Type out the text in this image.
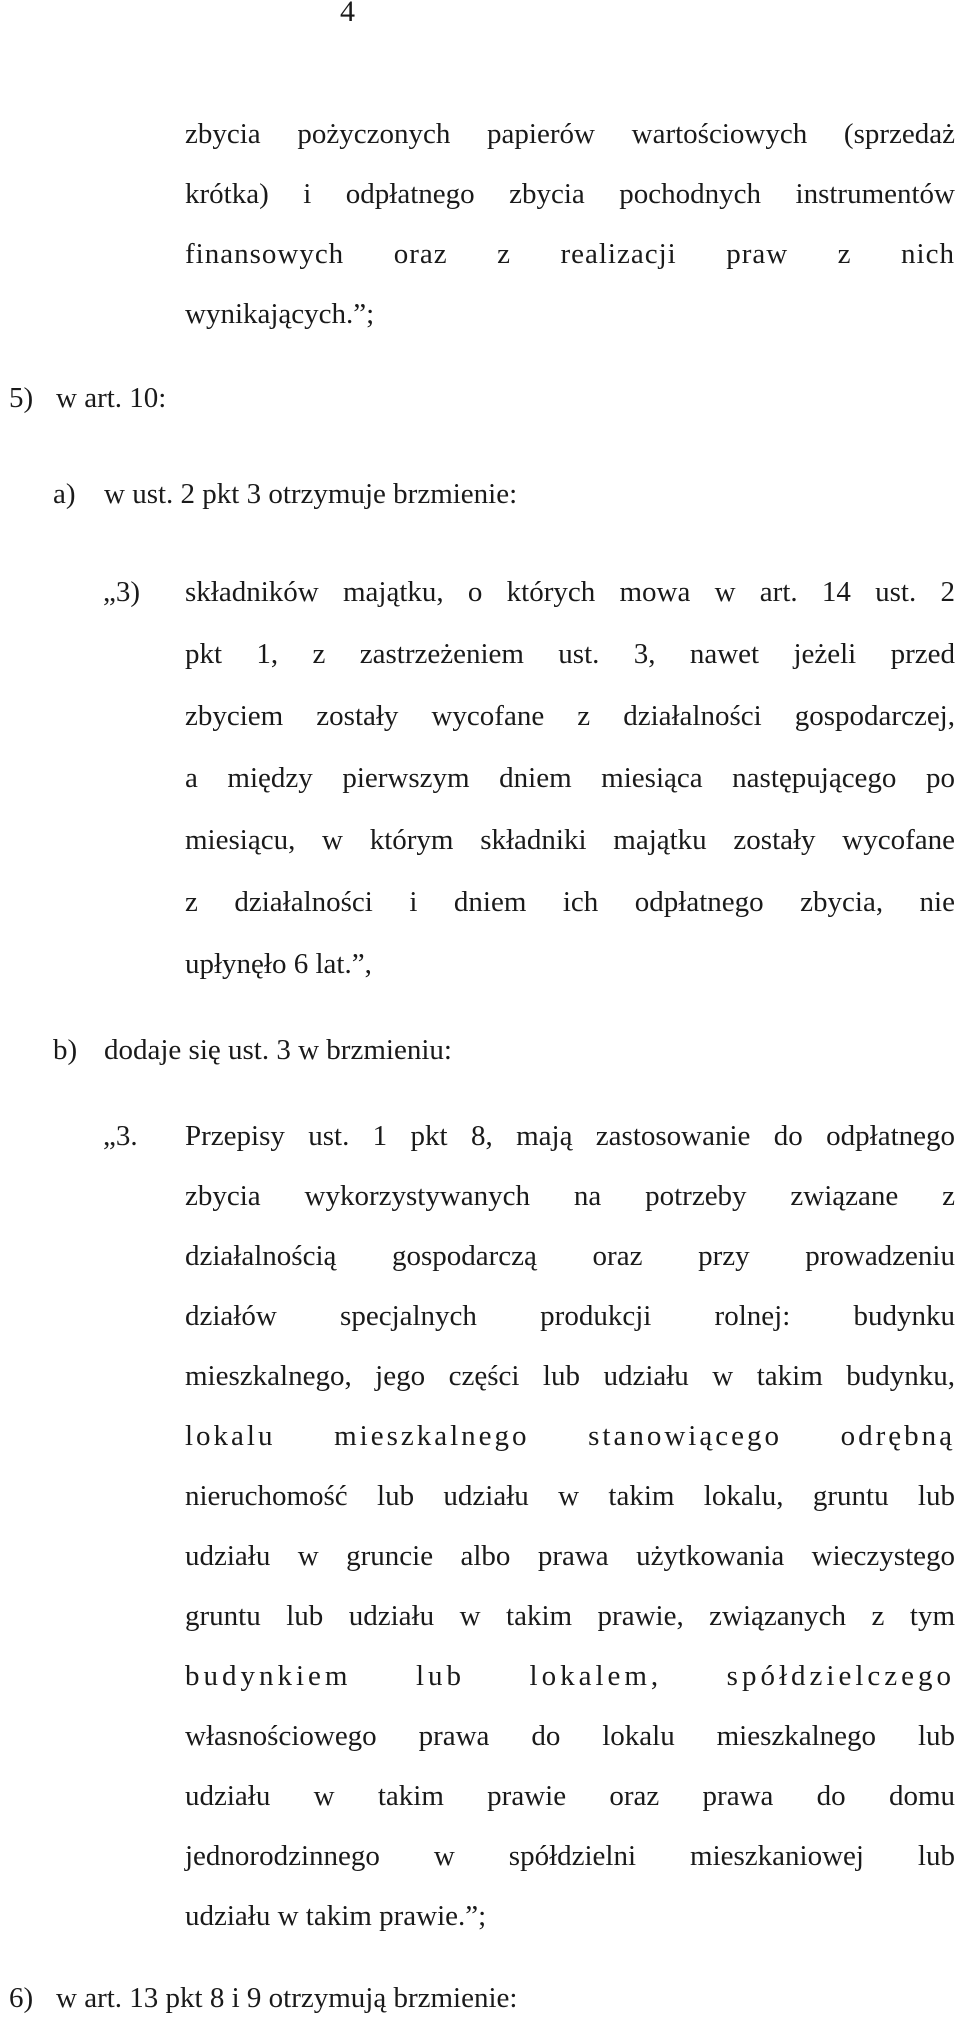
4
zbycia pożyczonych papierów wartościowych (sprzedaż
krótka) i odpłatnego zbycia pochodnych instrumentów
finansowych oraz z realizacji praw z nich
wynikających.”;
5) w art. 10:
a) w ust. 2 pkt 3 otrzymuje brzmienie:
„3) składników majątku, o których mowa w art. 14 ust. 2
pkt 1, z zastrzeżeniem ust. 3, nawet jeżeli przed
zbyciem zostały wycofane z działalności gospodarczej,
a między pierwszym dniem miesiąca następującego po
miesiącu, w którym składniki majątku zostały wycofane
z działalności i dniem ich odpłatnego zbycia, nie
upłynęło 6 lat.”,
b) dodaje się ust. 3 w brzmieniu:
„3. Przepisy ust. 1 pkt 8, mają zastosowanie do odpłatnego
zbycia wykorzystywanych na potrzeby związane z
działalnością gospodarczą oraz przy prowadzeniu
działów specjalnych produkcji rolnej: budynku
mieszkalnego, jego części lub udziału w takim budynku,
lokalu mieszkalnego stanowiącego odrębną
nieruchomość lub udziału w takim lokalu, gruntu lub
udziału w gruncie albo prawa użytkowania wieczystego
gruntu lub udziału w takim prawie, związanych z tym
budynkiem lub lokalem, spółdzielczego
własnościowego prawa do lokalu mieszkalnego lub
udziału w takim prawie oraz prawa do domu
jednorodzinnego w spółdzielni mieszkaniowej lub
udziału w takim prawie.”;
6) w art. 13 pkt 8 i 9 otrzymują brzmienie:
